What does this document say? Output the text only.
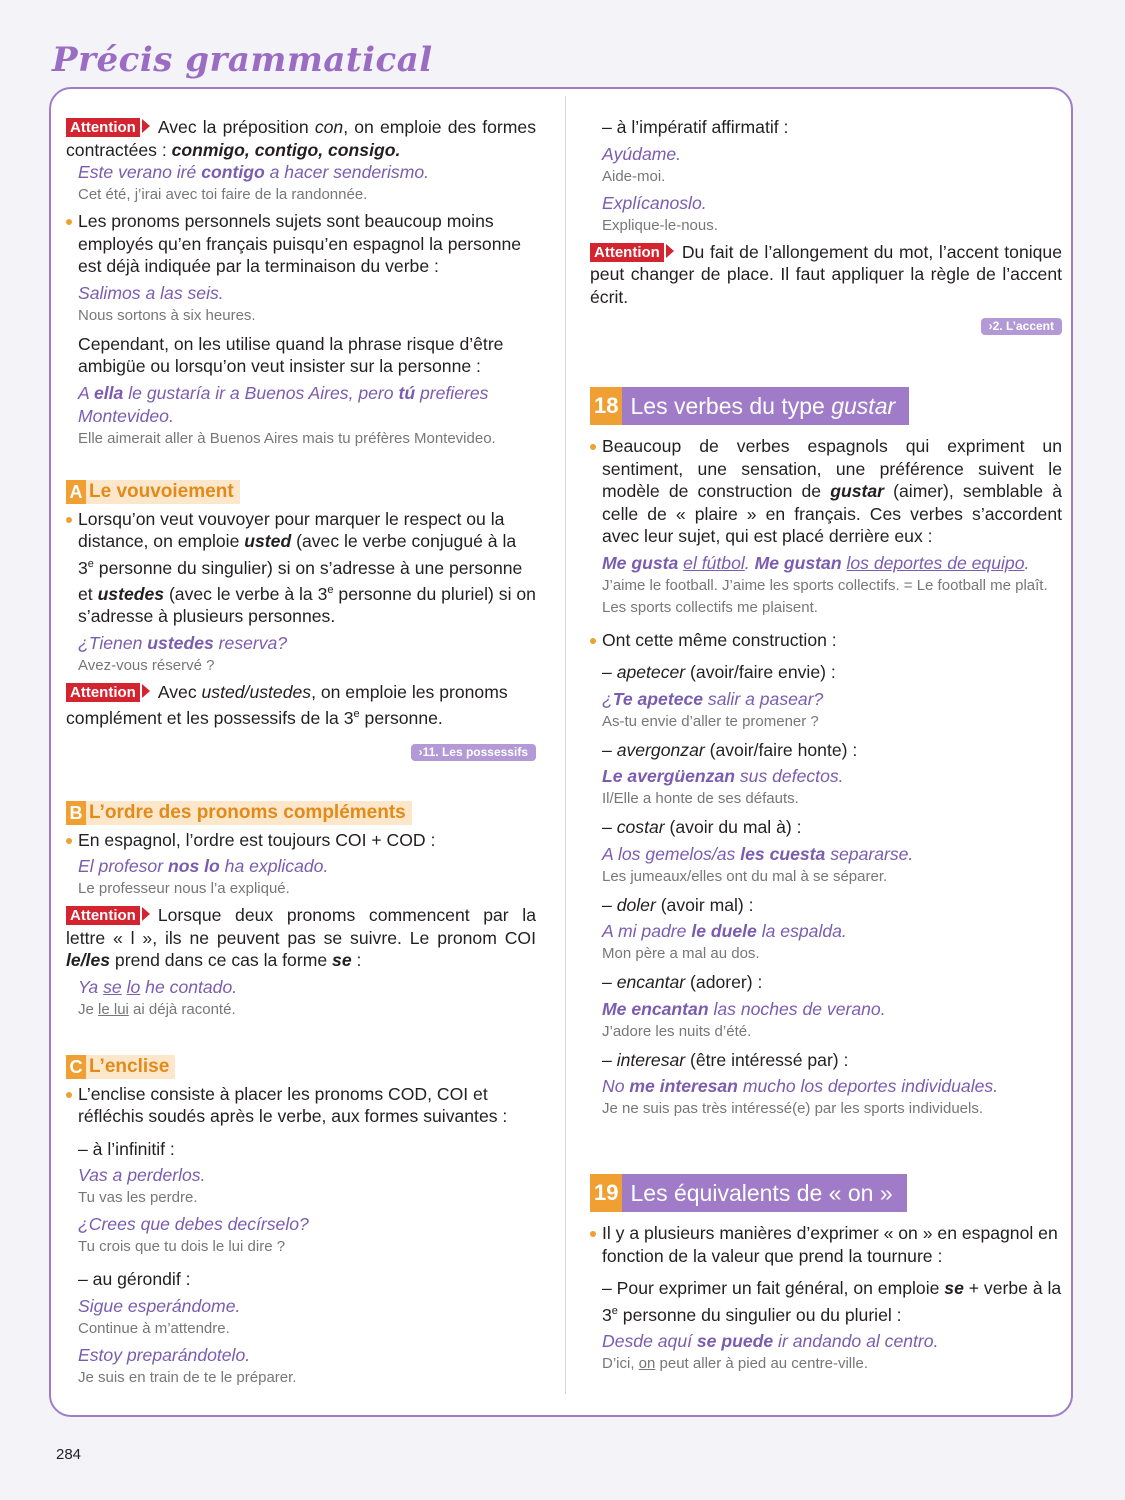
Précis grammatical

Attention Avec la préposition con, on emploie des formes contractées : conmigo, contigo, consigo.

Este verano iré contigo a hacer senderismo.

Cet été, j’irai avec toi faire de la randonnée.

Les pronoms personnels sujets sont beaucoup moins employés qu’en français puisqu’en espagnol la personne est déjà indiquée par la terminaison du verbe :

Salimos a las seis.

Nous sortons à six heures.

Cependant, on les utilise quand la phrase risque d’être ambigüe ou lorsqu’on veut insister sur la personne :

A ella le gustaría ir a Buenos Aires, pero tú prefieres Montevideo.

Elle aimerait aller à Buenos Aires mais tu préfères Montevideo.

A Le vouvoiement

Lorsqu’on veut vouvoyer pour marquer le respect ou la distance, on emploie usted (avec le verbe conjugué à la 3e personne du singulier) si on s’adresse à une personne et ustedes (avec le verbe à la 3e personne du pluriel) si on s’adresse à plusieurs personnes.

¿Tienen ustedes reserva?

Avez-vous réservé ?

Attention Avec usted/ustedes, on emploie les pronoms complément et les possessifs de la 3e personne.

›11. Les possessifs
B L’ordre des pronoms compléments

En espagnol, l’ordre est toujours COI + COD :

El profesor nos lo ha explicado.

Le professeur nous l’a expliqué.

Attention Lorsque deux pronoms commencent par la lettre « l », ils ne peuvent pas se suivre. Le pronom COI le/les prend dans ce cas la forme se :

Ya se lo he contado.

Je le lui ai déjà raconté.

C L’enclise

L’enclise consiste à placer les pronoms COD, COI et réfléchis soudés après le verbe, aux formes suivantes :

– à l’infinitif :

Vas a perderlos.

Tu vas les perdre.

¿Crees que debes decírselo?

Tu crois que tu dois le lui dire ?

– au gérondif :

Sigue esperándome.

Continue à m’attendre.

Estoy preparándotelo.

Je suis en train de te le préparer.

– à l’impératif affirmatif :

Ayúdame.

Aide-moi.

Explícanoslo.

Explique-le-nous.

Attention Du fait de l’allongement du mot, l’accent tonique peut changer de place. Il faut appliquer la règle de l’accent écrit.

›2. L’accent
18 Les verbes du type gustar

Beaucoup de verbes espagnols qui expriment un sentiment, une sensation, une préférence suivent le modèle de construction de gustar (aimer), semblable à celle de « plaire » en français. Ces verbes s’accordent avec leur sujet, qui est placé derrière eux :

Me gusta el fútbol. Me gustan los deportes de equipo.

J’aime le football. J’aime les sports collectifs. = Le football me plaît. Les sports collectifs me plaisent.

Ont cette même construction :

– apetecer (avoir/faire envie) :

¿Te apetece salir a pasear?

As-tu envie d’aller te promener ?

– avergonzar (avoir/faire honte) :

Le avergüenzan sus defectos.

Il/Elle a honte de ses défauts.

– costar (avoir du mal à) :

A los gemelos/as les cuesta separarse.

Les jumeaux/elles ont du mal à se séparer.

– doler (avoir mal) :

A mi padre le duele la espalda.

Mon père a mal au dos.

– encantar (adorer) :

Me encantan las noches de verano.

J’adore les nuits d’été.

– interesar (être intéressé par) :

No me interesan mucho los deportes individuales.

Je ne suis pas très intéressé(e) par les sports individuels.

19 Les équivalents de « on »

Il y a plusieurs manières d’exprimer « on » en espagnol en fonction de la valeur que prend la tournure :

– Pour exprimer un fait général, on emploie se + verbe à la 3e personne du singulier ou du pluriel :

Desde aquí se puede ir andando al centro.

D’ici, on peut aller à pied au centre-ville.

284
